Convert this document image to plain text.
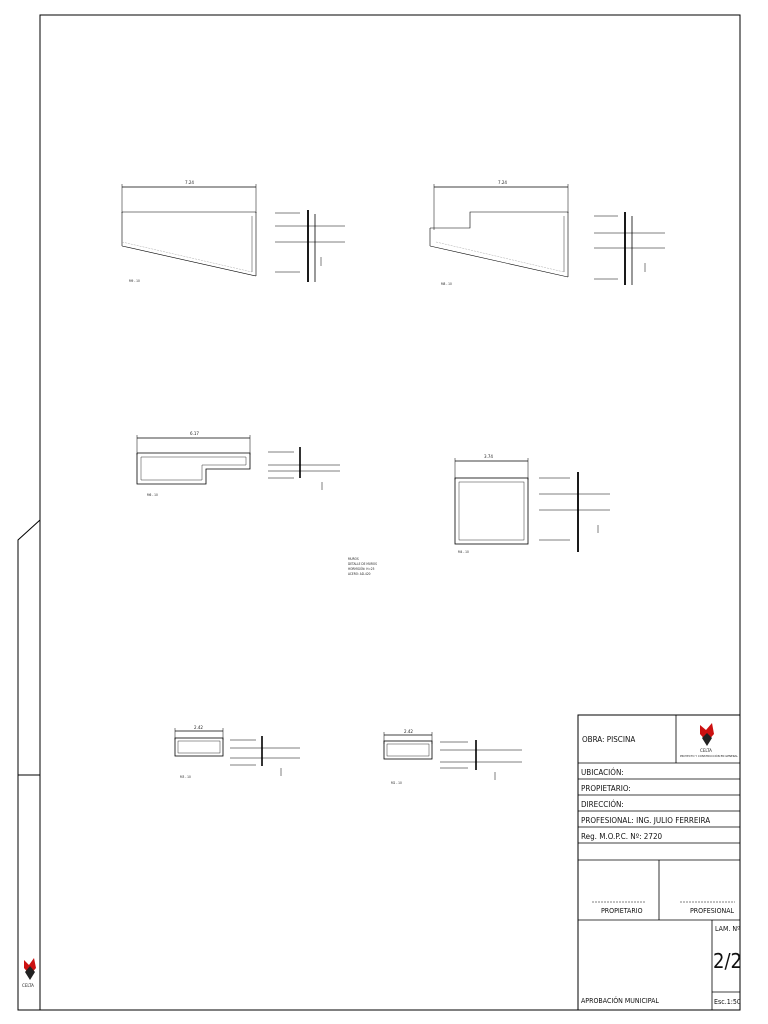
CELTA
7.24
M9 - 10
7.24
M8 - 10
6.17
M6 - 10
3.74
M4 - 10
MUROS
DETALLE DE MUROS
HORMIGÓN: H=25
ACERO: AD-420
2.42
M3 - 10
2.42
M2 - 10
OBRA: PISCINA
UBICACIÓN:
PROPIETARIO:
DIRECCIÓN:
PROFESIONAL: ING. JULIO FERREIRA
Reg. M.O.P.C. Nº: 2720
PROPIETARIO	PROFESIONAL
APROBACIÓN MUNICIPAL
LAM. Nº
2/2
Esc.1:50
CELTA
PROYECTO Y CONSTRUCCIÓN EN GENERAL
